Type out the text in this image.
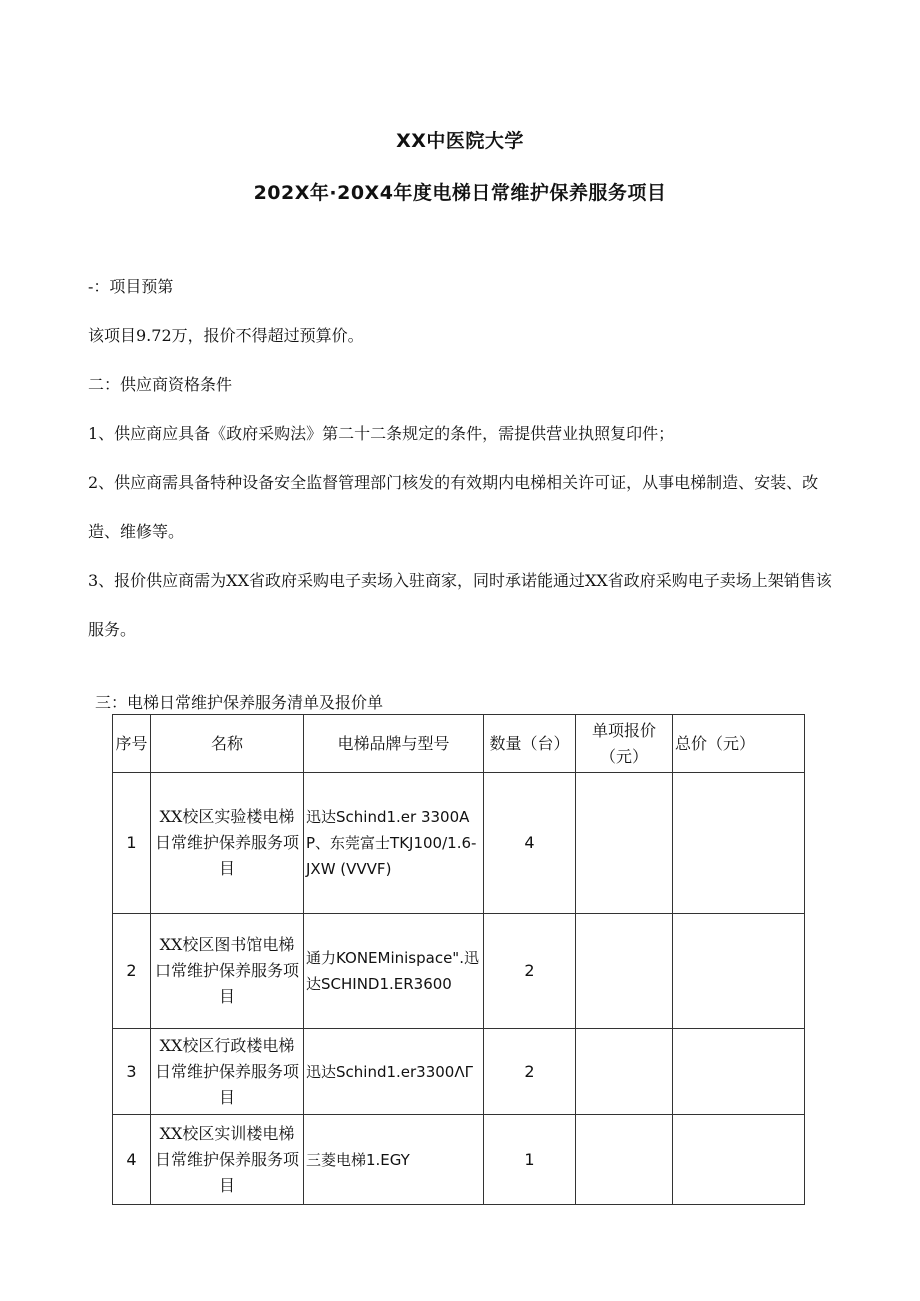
XX中医院大学
202X年·20X4年度电梯日常维护保养服务项目
-：项目预第
该项目9.72万，报价不得超过预算价。
二：供应商资格条件
1、供应商应具备《政府采购法》第二十二条规定的条件，需提供营业执照复印件；
2、供应商需具备特种设备安全监督管理部门核发的有效期内电梯相关许可证，从事电梯制造、安装、改造、维修等。
3、报价供应商需为XX省政府采购电子卖场入驻商家，同时承诺能通过XX省政府采购电子卖场上架销售该服务。
三：电梯日常维护保养服务清单及报价单
序号	名称	电梯品牌与型号	数量（台）	单项报价（元）	总价（元）
1	XX校区实验楼电梯日常维护保养服务项目	迅达Schind1.er 3300AP、东莞富士TKJ100/1.6-JXW (VVVF)	4		
2	XX校区图书馆电梯口常维护保养服务项目	通力KONEMinispace".迅达SCHIND1.ER3600	2		
3	XX校区行政楼电梯日常维护保养服务项目	迅达Schind1.er3300ΛΓ	2		
4	XX校区实训楼电梯日常维护保养服务项目	三菱电梯1.EGY	1		
